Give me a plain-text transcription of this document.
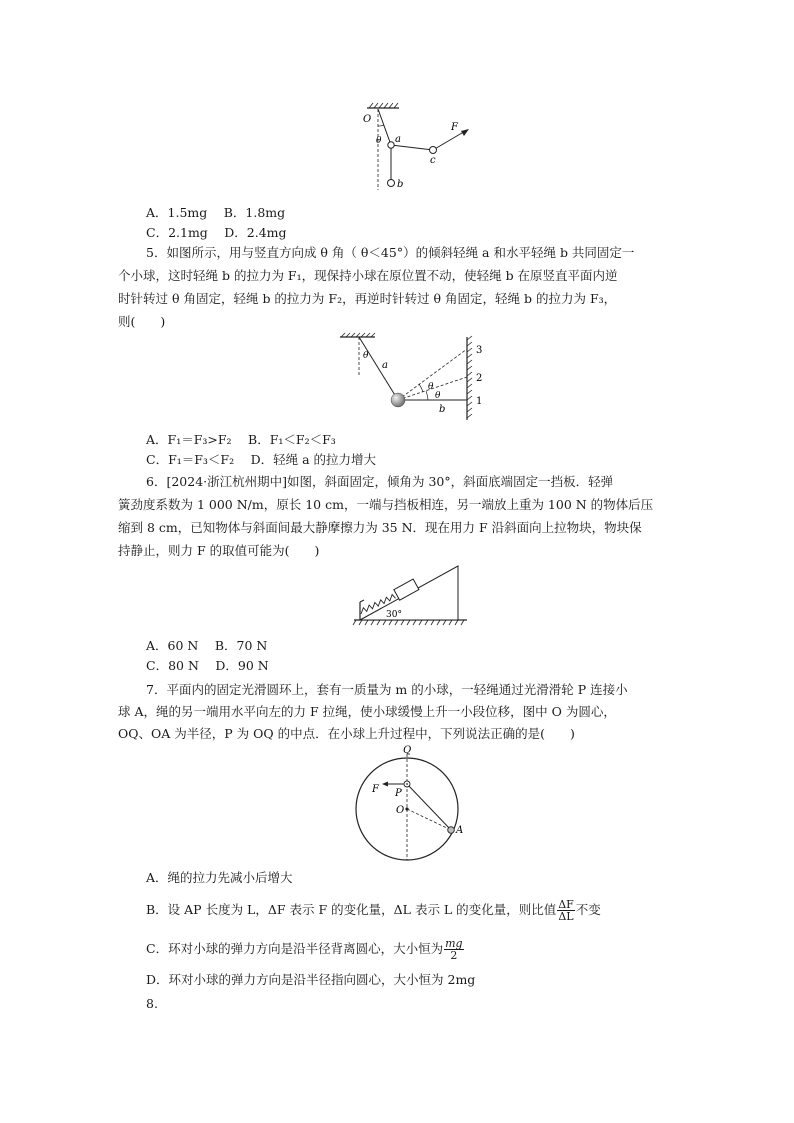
O
θ a
b
c
F
A．1.5mg　 B．1.8mg
C．2.1mg　 D．2.4mg
5．如图所示，用与竖直方向成 θ 角（ θ＜45°）的倾斜轻绳 a 和水平轻绳 b 共同固定一
个小球，这时轻绳 b 的拉力为 F₁，现保持小球在原位置不动，使轻绳 b 在原竖直平面内逆
时针转过 θ 角固定，轻绳 b 的拉力为 F₂，再逆时针转过 θ 角固定，轻绳 b 的拉力为 F₃，
则(　　)
θ
a
θ
θ
b
3
2
1
A．F₁＝F₃>F₂　 B．F₁＜F₂＜F₃
C．F₁＝F₃＜F₂　 D．轻绳 a 的拉力增大
6．[2024·浙江杭州期中]如图，斜面固定，倾角为 30°，斜面底端固定一挡板．轻弹
簧劲度系数为 1 000 N/m，原长 10 cm，一端与挡板相连，另一端放上重为 100 N 的物体后压
缩到 8 cm，已知物体与斜面间最大静摩擦力为 35 N．现在用力 F 沿斜面向上拉物块，物块保
持静止，则力 F 的取值可能为(　　)
30°
A．60 N　 B．70 N
C．80 N　 D．90 N
7．平面内的固定光滑圆环上，套有一质量为 m 的小球，一轻绳通过光滑滑轮 P 连接小
球 A，绳的另一端用水平向左的力 F 拉绳，使小球缓慢上升一小段位移，图中 O 为圆心，
OQ、OA 为半径，P 为 OQ 的中点．在小球上升过程中，下列说法正确的是(　　)
Q
F P
O
A
A．绳的拉力先减小后增大
B．设 AP 长度为 L，ΔF 表示 F 的变化量，ΔL 表示 L 的变化量，则比值 $\frac{\Delta F}{\Delta L}$ 不变
C．环对小球的弹力方向是沿半径背离圆心，大小恒为 $\frac{mg}{2}$
D．环对小球的弹力方向是沿半径指向圆心，大小恒为 2mg
8.
